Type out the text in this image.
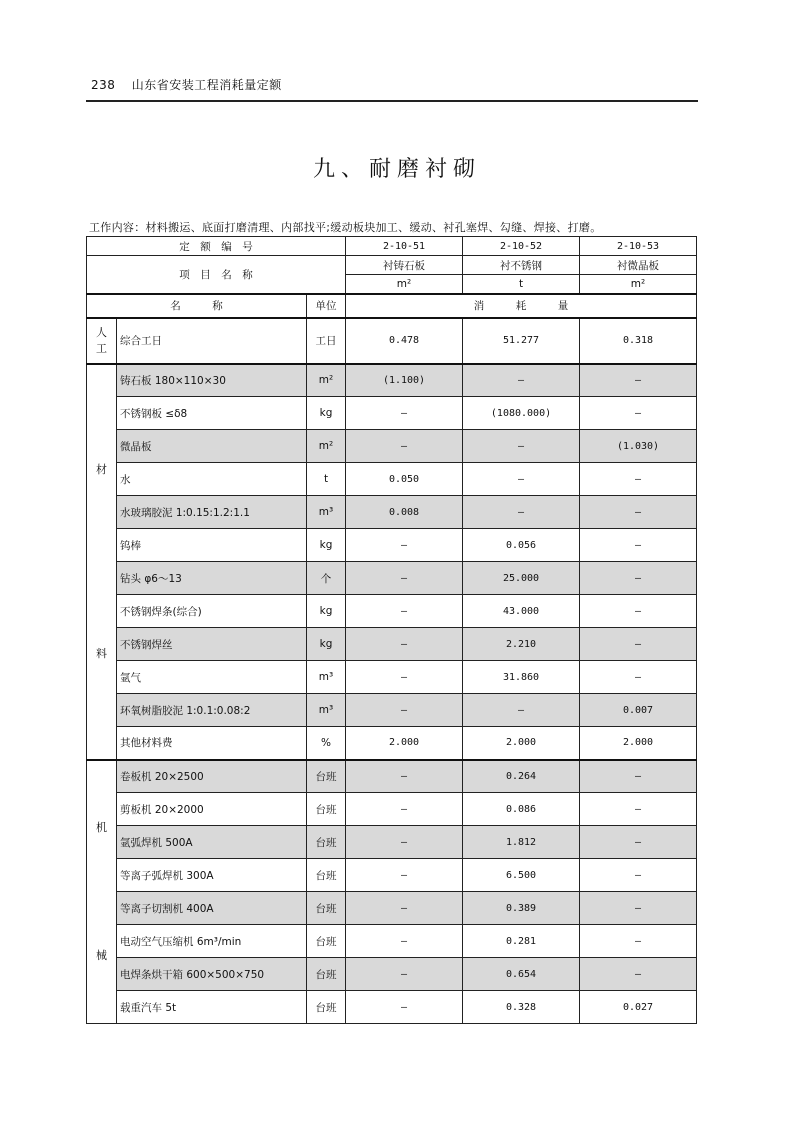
238 山东省安装工程消耗量定额
九、耐磨衬砌
工作内容：材料搬运、底面打磨清理、内部找平;缓动板块加工、缓动、衬孔塞焊、勾缝、焊接、打磨。
定　额　编　号			2-10-51	2-10-52	2-10-53
项　目　名　称			衬铸石板	衬不锈钢	衬微晶板
			m²	t	m²
名　　　称		单位	消　　　耗　　　量		

人
工	综合工日	工日	0.478	51.277	0.318

材
料	铸石板 180×110×30	m²	(1.100)	—	—
	不锈钢板 ≤δ8	kg	—	(1080.000)	—
	微晶板	m²	—	—	(1.030)
	水	t	0.050	—	—
	水玻璃胶泥 1:0.15:1.2:1.1	m³	0.008	—	—
	钨棒	kg	—	0.056	—
	钻头 φ6～13	个	—	25.000	—
	不锈钢焊条(综合)	kg	—	43.000	—
	不锈钢焊丝	kg	—	2.210	—
	氩气	m³	—	31.860	—
	环氧树脂胶泥 1:0.1:0.08:2	m³	—	—	0.007
	其他材料费	%	2.000	2.000	2.000

机
械	卷板机 20×2500	台班	—	0.264	—
	剪板机 20×2000	台班	—	0.086	—
	氩弧焊机 500A	台班	—	1.812	—
	等离子弧焊机 300A	台班	—	6.500	—
	等离子切割机 400A	台班	—	0.389	—
	电动空气压缩机 6m³/min	台班	—	0.281	—
	电焊条烘干箱 600×500×750	台班	—	0.654	—
	载重汽车 5t	台班	—	0.328	0.027
